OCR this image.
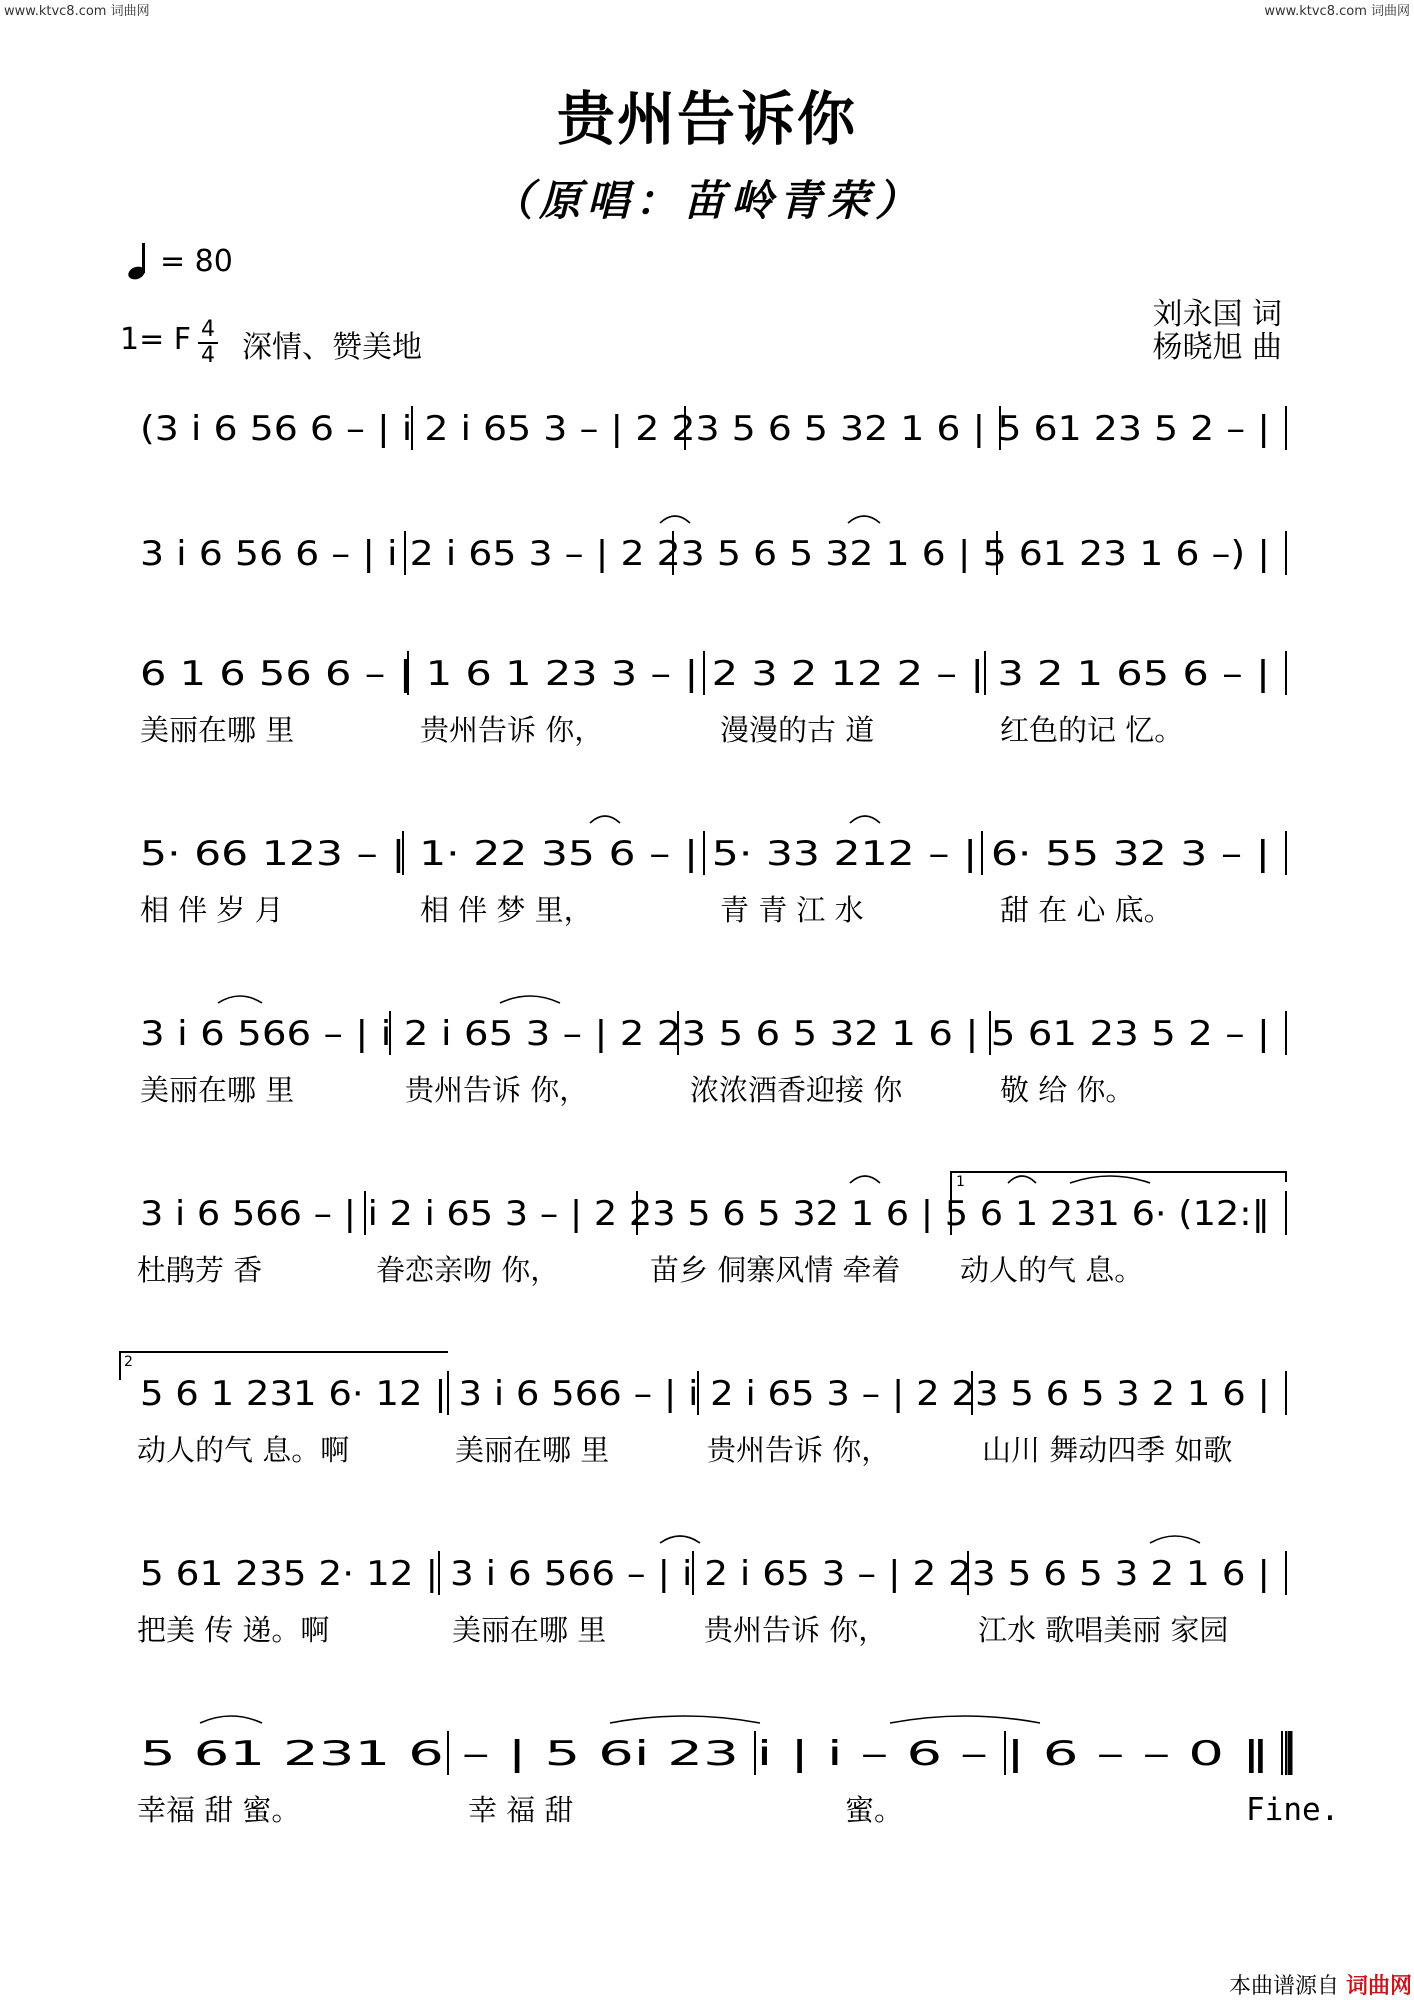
www.ktvc8.com 词曲网	www.ktvc8.com 词曲网
贵州告诉你
（原唱：苗岭青荣）
= 80
1= F $\frac{4}{4}$ 深情、赞美地
刘永国 词
杨晓旭 曲
(3 i 6 56 6 – | i 2 i 65 3 – | 2 23 5 6 5 32 1 6 | 5 61 23 5 2 – |
3 i 6 56 6 – | i 2 i 65 3 – | 2 23 5 6 5 32 1 6 | 5 61 23 1 6 –) |
6 1 6 56 6 – | 1 6 1 23 3 – | 2 3 2 12 2 – | 3 2 1 65 6 – |
美丽在哪 里	贵州告诉 你，	漫漫的古 道	红色的记 忆。
5· 66 123 – | 1· 22 35 6 – | 5· 33 212 – | 6· 55 32 3 – |
相 伴 岁 月	相 伴 梦 里，	青 青 江 水	甜 在 心 底。
3 i 6 566 – | i 2 i 65 3 – | 2 23 5 6 5 32 1 6 | 5 61 23 5 2 – |
美丽在哪 里	贵州告诉 你，	浓浓酒香迎接 你	敬 给 你。
3 i 6 566 – | i 2 i 65 3 – | 2 23 5 6 5 32 1 6 | 5 6 1 231 6· (12:‖
杜鹃芳 香	眷恋亲吻 你，	苗乡 侗寨风情 牵着 动人的气 息。
5 6 1 231 6· 12 | 3 i 6 566 – | i 2 i 65 3 – | 2 23 5 6 5 3 2 1 6 |
动人的气 息。啊	美丽在哪 里	贵州告诉 你，	山川 舞动四季 如歌
5 61 235 2· 12 | 3 i 6 566 – | i 2 i 65 3 – | 2 23 5 6 5 3 2 1 6 |
把美 传 递。啊	美丽在哪 里	贵州告诉 你，	江水 歌唱美丽 家园
5 61 231 6 – | 5 6i 23 i | i – 6 – | 6 – – 0 ‖
幸福 甜 蜜。	幸 福 甜	蜜。
1
2
Fine.
本曲谱源自 词曲网
